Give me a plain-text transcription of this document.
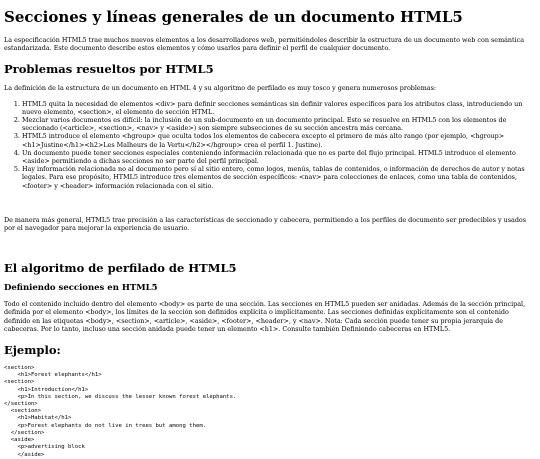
Secciones y líneas generales de un documento HTML5

La especificación HTML5 trae muchos nuevos elementos a los desarrolladores web, permitiéndoles describir la estructura de un documento web con semántica estandarizada. Este documento describe estos elementos y cómo usarlos para definir el perfil de cualquier documento.

Problemas resueltos por HTML5

La definición de la estructura de un documento en HTML 4 y su algoritmo de perfilado es muy tosco y genera numerosos problemas:

1. HTML5 quita la necesidad de elementos <div> para definir secciones semánticas sin definir valores específicos para los atributos class, introduciendo un nuevo elemento, <section>, el elemento de sección HTML.
2. Mezclar varios documentos es difícil: la inclusión de un sub-documento en un documento principal. Esto se resuelve en HTML5 con los elementos de seccionado (<article>, <section>, <nav> y <aside>) son siempre subsecciones de su sección ancestra más cercana.
3. HTML5 introduce el elemento <hgroup> que oculta todos los elementos de cabecera excepto el primero de más alto rango (por ejemplo, <hgroup><h1>Justine</h1><h2>Les Malheurs de la Vertu</h2></hgroup> crea el perfil 1. Justine).
4. Un documento puede tener secciones especiales conteniendo información relacionada que no es parte del flujo principal. HTML5 introduce el elemento <aside> permitiendo a dichas secciones no ser parte del perfil principal.
5. Hay información relacionada no al documento pero sí al sitio entero, como logos, menús, tablas de contenidos, o información de derechos de autor y notas legales. Para ese propósito, HTML5 introduce tres elementos de sección específicos: <nav> para colecciones de enlaces, como una tabla de contenidos, <footer> y <header> información relacionada con el sitio.

De manera más general, HTML5 trae precisión a las características de seccionado y cabecera, permitiendo a los perfiles de documento ser predecibles y usados por el navegador para mejorar la experiencia de usuario.

El algoritmo de perfilado de HTML5
Definiendo secciones en HTML5

Todo el contenido incluido dentro del elemento <body> es parte de una sección. Las secciones en HTML5 pueden ser anidadas. Además de la sección principal, definida por el elemento <body>, los límites de la sección son definidos explícita o implícitamente. Las secciones definidas explícitamente son el contenido definido en las etiquetas <body>, <section>, <article>, <aside>, <footer>, <header>, y <nav>. Nota: Cada sección puede tener su propia jerarquía de cabeceras. Por lo tanto, incluso una sección anidada puede tener un elemento <h1>. Consulte también Definiendo cabeceras en HTML5.

Ejemplo:
<section>
<h1>Forest elephants</h1>
<section>
<h1>Introduction</h1>
<p>In this section, we discuss the lesser known forest elephants.
</section>
<section>
<h1>Habitat</h1>
<p>Forest elephants do not live in trees but among them.
</section>
<aside>
<p>advertising block
</aside>
